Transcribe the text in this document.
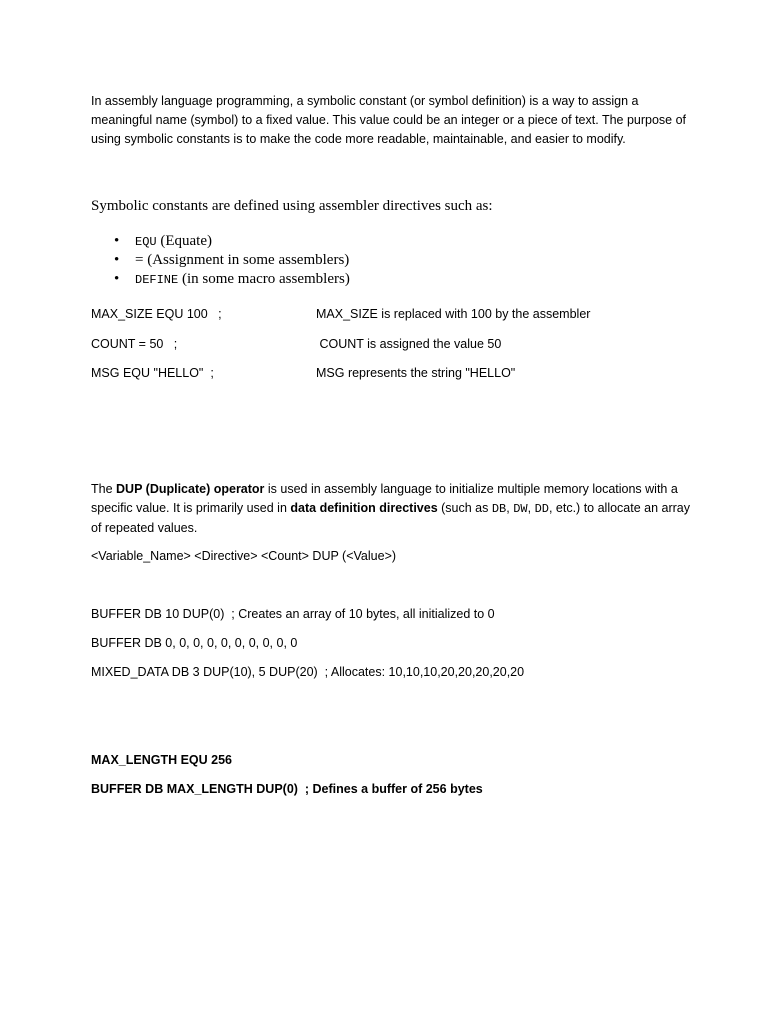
In assembly language programming, a symbolic constant (or symbol definition) is a way to assign a meaningful name (symbol) to a fixed value. This value could be an integer or a piece of text. The purpose of using symbolic constants is to make the code more readable, maintainable, and easier to modify.

Symbolic constants are defined using assembler directives such as:

• EQU (Equate)
• = (Assignment in some assemblers)
• DEFINE (in some macro assemblers)
MAX_SIZE EQU 100   ;	MAX_SIZE is replaced with 100 by the assembler
COUNT = 50   ;	COUNT is assigned the value 50
MSG EQU "HELLO"  ;	MSG represents the string "HELLO"

The DUP (Duplicate) operator is used in assembly language to initialize multiple memory locations with a specific value. It is primarily used in data definition directives (such as DB, DW, DD, etc.) to allocate an array of repeated values.

<Variable_Name> <Directive> <Count> DUP (<Value>)
BUFFER DB 10 DUP(0)  ; Creates an array of 10 bytes, all initialized to 0
BUFFER DB 0, 0, 0, 0, 0, 0, 0, 0, 0, 0
MIXED_DATA DB 3 DUP(10), 5 DUP(20)  ; Allocates: 10,10,10,20,20,20,20,20
MAX_LENGTH EQU 256
BUFFER DB MAX_LENGTH DUP(0)  ; Defines a buffer of 256 bytes
